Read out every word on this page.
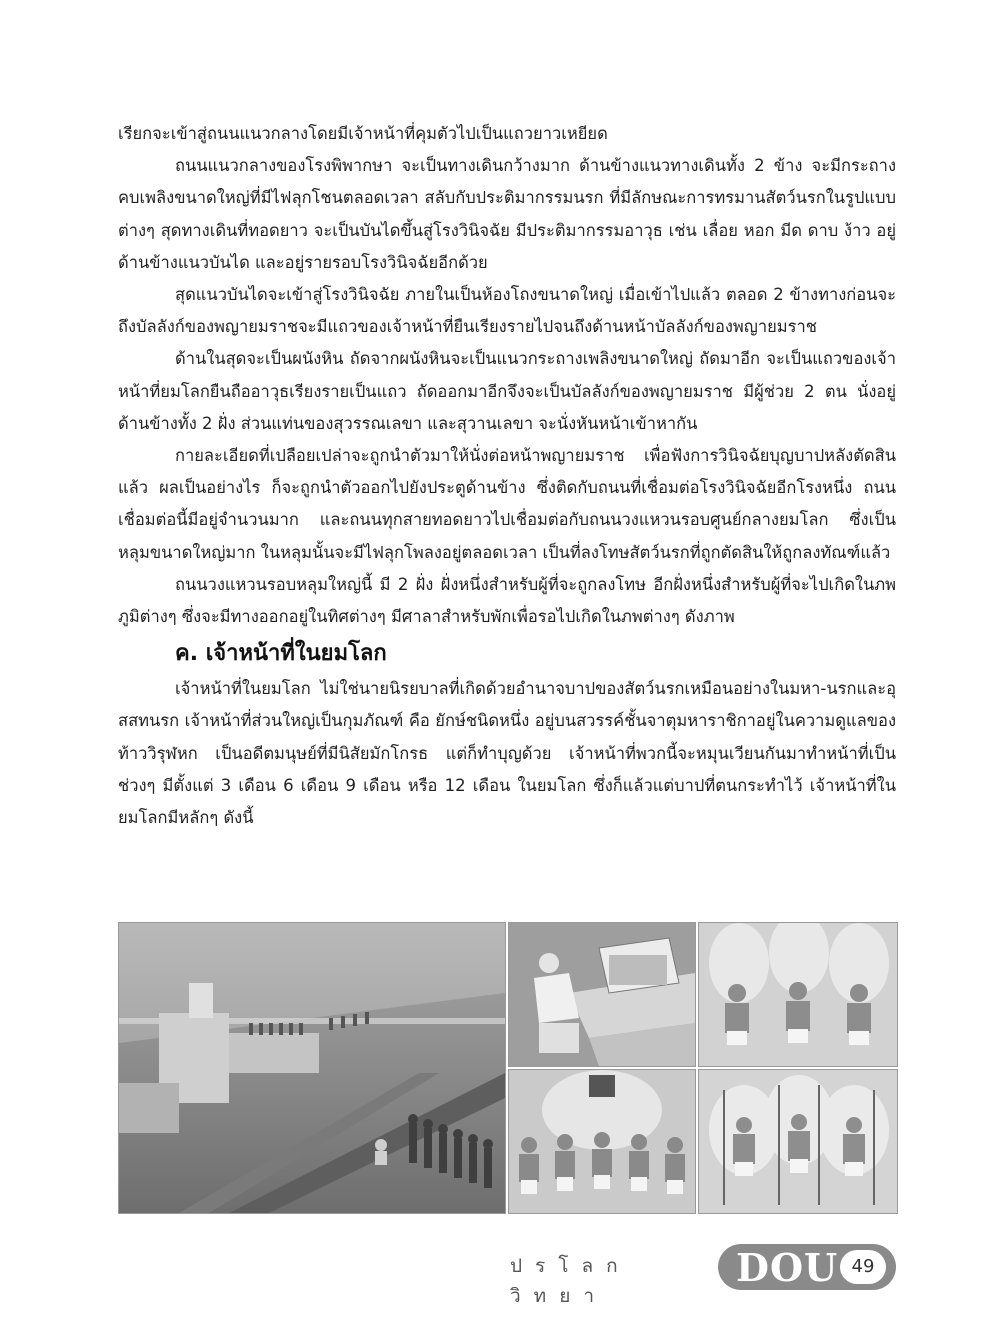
เรียกจะเข้าสู่ถนนแนวกลางโดยมีเจ้าหน้าที่คุมตัวไปเป็นแถวยาวเหยียด

ถนนแนวกลางของโรงพิพากษา จะเป็นทางเดินกว้างมาก ด้านข้างแนวทางเดินทั้ง 2 ข้าง จะมีกระถางคบเพลิงขนาดใหญ่ที่มีไฟลุกโชนตลอดเวลา สลับกับประติมากรรมนรก ที่มีลักษณะการทรมานสัตว์นรกในรูปแบบต่างๆ สุดทางเดินที่ทอดยาว จะเป็นบันไดขึ้นสู่โรงวินิจฉัย มีประติมากรรมอาวุธ เช่น เลื่อย หอก มีด ดาบ ง้าว อยู่ด้านข้างแนวบันได และอยู่รายรอบโรงวินิจฉัยอีกด้วย

สุดแนวบันไดจะเข้าสู่โรงวินิจฉัย ภายในเป็นห้องโถงขนาดใหญ่ เมื่อเข้าไปแล้ว ตลอด 2 ข้างทางก่อนจะถึงบัลลังก์ของพญายมราชจะมีแถวของเจ้าหน้าที่ยืนเรียงรายไปจนถึงด้านหน้าบัลลังก์ของพญายมราช

ด้านในสุดจะเป็นผนังหิน ถัดจากผนังหินจะเป็นแนวกระถางเพลิงขนาดใหญ่ ถัดมาอีก จะเป็นแถวของเจ้าหน้าที่ยมโลกยืนถืออาวุธเรียงรายเป็นแถว ถัดออกมาอีกจึงจะเป็นบัลลังก์ของพญายมราช มีผู้ช่วย 2 ตน นั่งอยู่ด้านข้างทั้ง 2 ฝั่ง ส่วนแท่นของสุวรรณเลขา และสุวานเลขา จะนั่งหันหน้าเข้าหากัน

กายละเอียดที่เปลือยเปล่าจะถูกนำตัวมาให้นั่งต่อหน้าพญายมราช เพื่อฟังการวินิจฉัยบุญบาปหลังตัดสินแล้ว ผลเป็นอย่างไร ก็จะถูกนำตัวออกไปยังประตูด้านข้าง ซึ่งติดกับถนนที่เชื่อมต่อโรงวินิจฉัยอีกโรงหนึ่ง ถนนเชื่อมต่อนี้มีอยู่จำนวนมาก และถนนทุกสายทอดยาวไปเชื่อมต่อกับถนนวงแหวนรอบศูนย์กลางยมโลก ซึ่งเป็นหลุมขนาดใหญ่มาก ในหลุมนั้นจะมีไฟลุกโพลงอยู่ตลอดเวลา เป็นที่ลงโทษสัตว์นรกที่ถูกตัดสินให้ถูกลงทัณฑ์แล้ว

ถนนวงแหวนรอบหลุมใหญ่นี้ มี 2 ฝั่ง ฝั่งหนึ่งสำหรับผู้ที่จะถูกลงโทษ อีกฝั่งหนึ่งสำหรับผู้ที่จะไปเกิดในภพภูมิต่างๆ ซึ่งจะมีทางออกอยู่ในทิศต่างๆ มีศาลาสำหรับพักเพื่อรอไปเกิดในภพต่างๆ ดังภาพ

ค. เจ้าหน้าที่ในยมโลก

เจ้าหน้าที่ในยมโลก ไม่ใช่นายนิรยบาลที่เกิดด้วยอำนาจบาปของสัตว์นรกเหมือนอย่างในมหา-นรกและอุสสทนรก เจ้าหน้าที่ส่วนใหญ่เป็นกุมภัณฑ์ คือ ยักษ์ชนิดหนึ่ง อยู่บนสวรรค์ชั้นจาตุมหาราชิกาอยู่ในความดูแลของท้าววิรุฬหก เป็นอดีตมนุษย์ที่มีนิสัยมักโกรธ แต่ก็ทำบุญด้วย เจ้าหน้าที่พวกนี้จะหมุนเวียนกันมาทำหน้าที่เป็นช่วงๆ มีตั้งแต่ 3 เดือน 6 เดือน 9 เดือน หรือ 12 เดือน ในยมโลก ซึ่งก็แล้วแต่บาปที่ตนกระทำไว้ เจ้าหน้าที่ในยมโลกมีหลักๆ ดังนี้

ปรโลกวิทยา
DOU 49
